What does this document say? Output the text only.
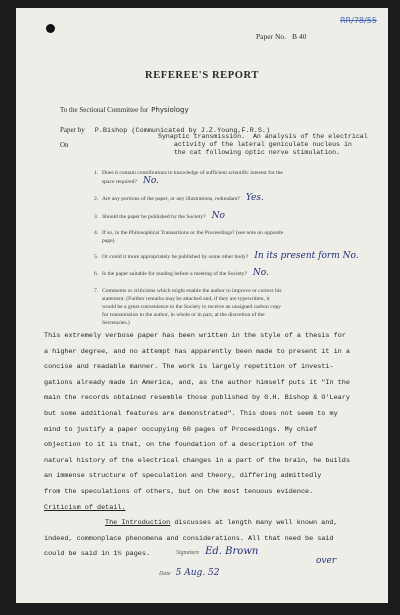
RR/78/55
Paper No. B 40
REFEREE'S REPORT
To the Sectional Committee for Physiology
Paper by P.Bishop (Communicated by J.Z.Young,F.R.S.)
On
Synaptic transmission.  An analysis of the electrical
activity of the lateral geniculate nucleus in
the cat following optic nerve stimulation.
1. Does it contain contributions to knowledge of sufficient scientific interest for the
space required? No.
2. Are any portions of the paper, or any illustrations, redundant? Yes.
3. Should the paper be published by the Society? No
4. If so, in the Philosophical Transactions or the Proceedings? (see note on opposite
page).
5. Or could it more appropriately be published by some other body? In its present form No.
6. Is the paper suitable for reading before a meeting of the Society? No.
7. Comments or criticisms which might enable the author to improve or correct his
statement. (Further remarks may be attached and, if they are typewritten, it
would be a great convenience to the Society to receive an unsigned carbon copy
for transmission to the author, in whole or in part, at the discretion of the
Secretaries.)
This extremely verbose paper has been written in the style of a thesis for
a higher degree, and no attempt has apparently been made to present it in a
concise and readable manner. The work is largely repetition of investi-
gations already made in America, and, as the author himself puts it "In the
main the records obtained resemble those published by G.H. Bishop & O'Leary
but some additional features are demonstrated". This does not seem to my
mind to justify a paper occupying 60 pages of Proceedings. My chief
objection to it is that, on the foundation of a description of the
natural history of the electrical changes in a part of the brain, he builds
an immense structure of speculation and theory, differing admittedly
from the speculations of others, but on the most tenuous evidence.
Criticism of detail.
The Introduction discusses at length many well known and,
indeed, commonplace phenomena and considerations. All that need be said
could be said in 1½ pages.	Signature Ed. Brown
Date 5 Aug. 52
over
